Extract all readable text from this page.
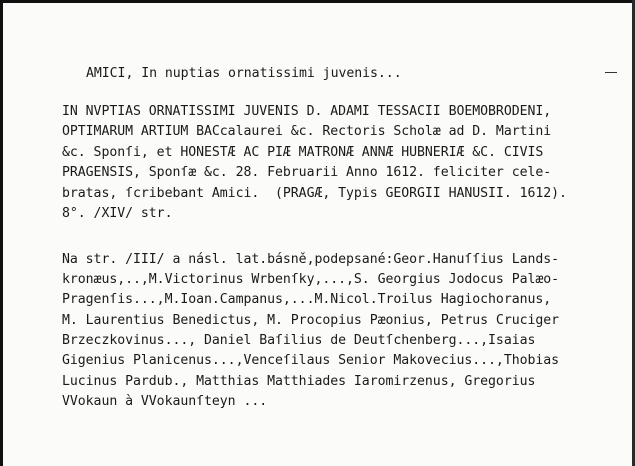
AMICI, In nuptias ornatissimi juvenis...
IN NVPTIAS ORNATISSIMI JUVENIS D. ADAMI TESSACII BOEMOBRODENI,
OPTIMARUM ARTIUM BACcalaurei &c. Rectoris Scholæ ad D. Martini
&c. Sponſi, et HONESTÆ AC PIÆ MATRONÆ ANNÆ HUBNERIÆ &C. CIVIS
PRAGENSIS, Sponſæ &c. 28. Februarii Anno 1612. feliciter cele-
bratas, ſcribebant Amici.  (PRAGÆ, Typis GEORGII HANUSII. 1612).
8°. /XIV/ str.
Na str. /III/ a násl. lat.básně,podepsané:Geor.Hanuſſius Lands-
kronæus,..,M.Victorinus Wrbenſky,...,S. Georgius Jodocus Palæo-
Pragenſis...,M.Ioan.Campanus,...M.Nicol.Troilus Hagiochoranus,
M. Laurentius Benedictus, M. Procopius Pæonius, Petrus Cruciger
Brzeczkovinus..., Daniel Baſilius de Deutſchenberg...,Isaias
Gigenius Planicenus...,Venceſilaus Senior Makovecius...,Thobias
Lucinus Pardub., Matthias Matthiades Iaromirzenus, Gregorius
VVokaun à VVokaunſteyn ...
